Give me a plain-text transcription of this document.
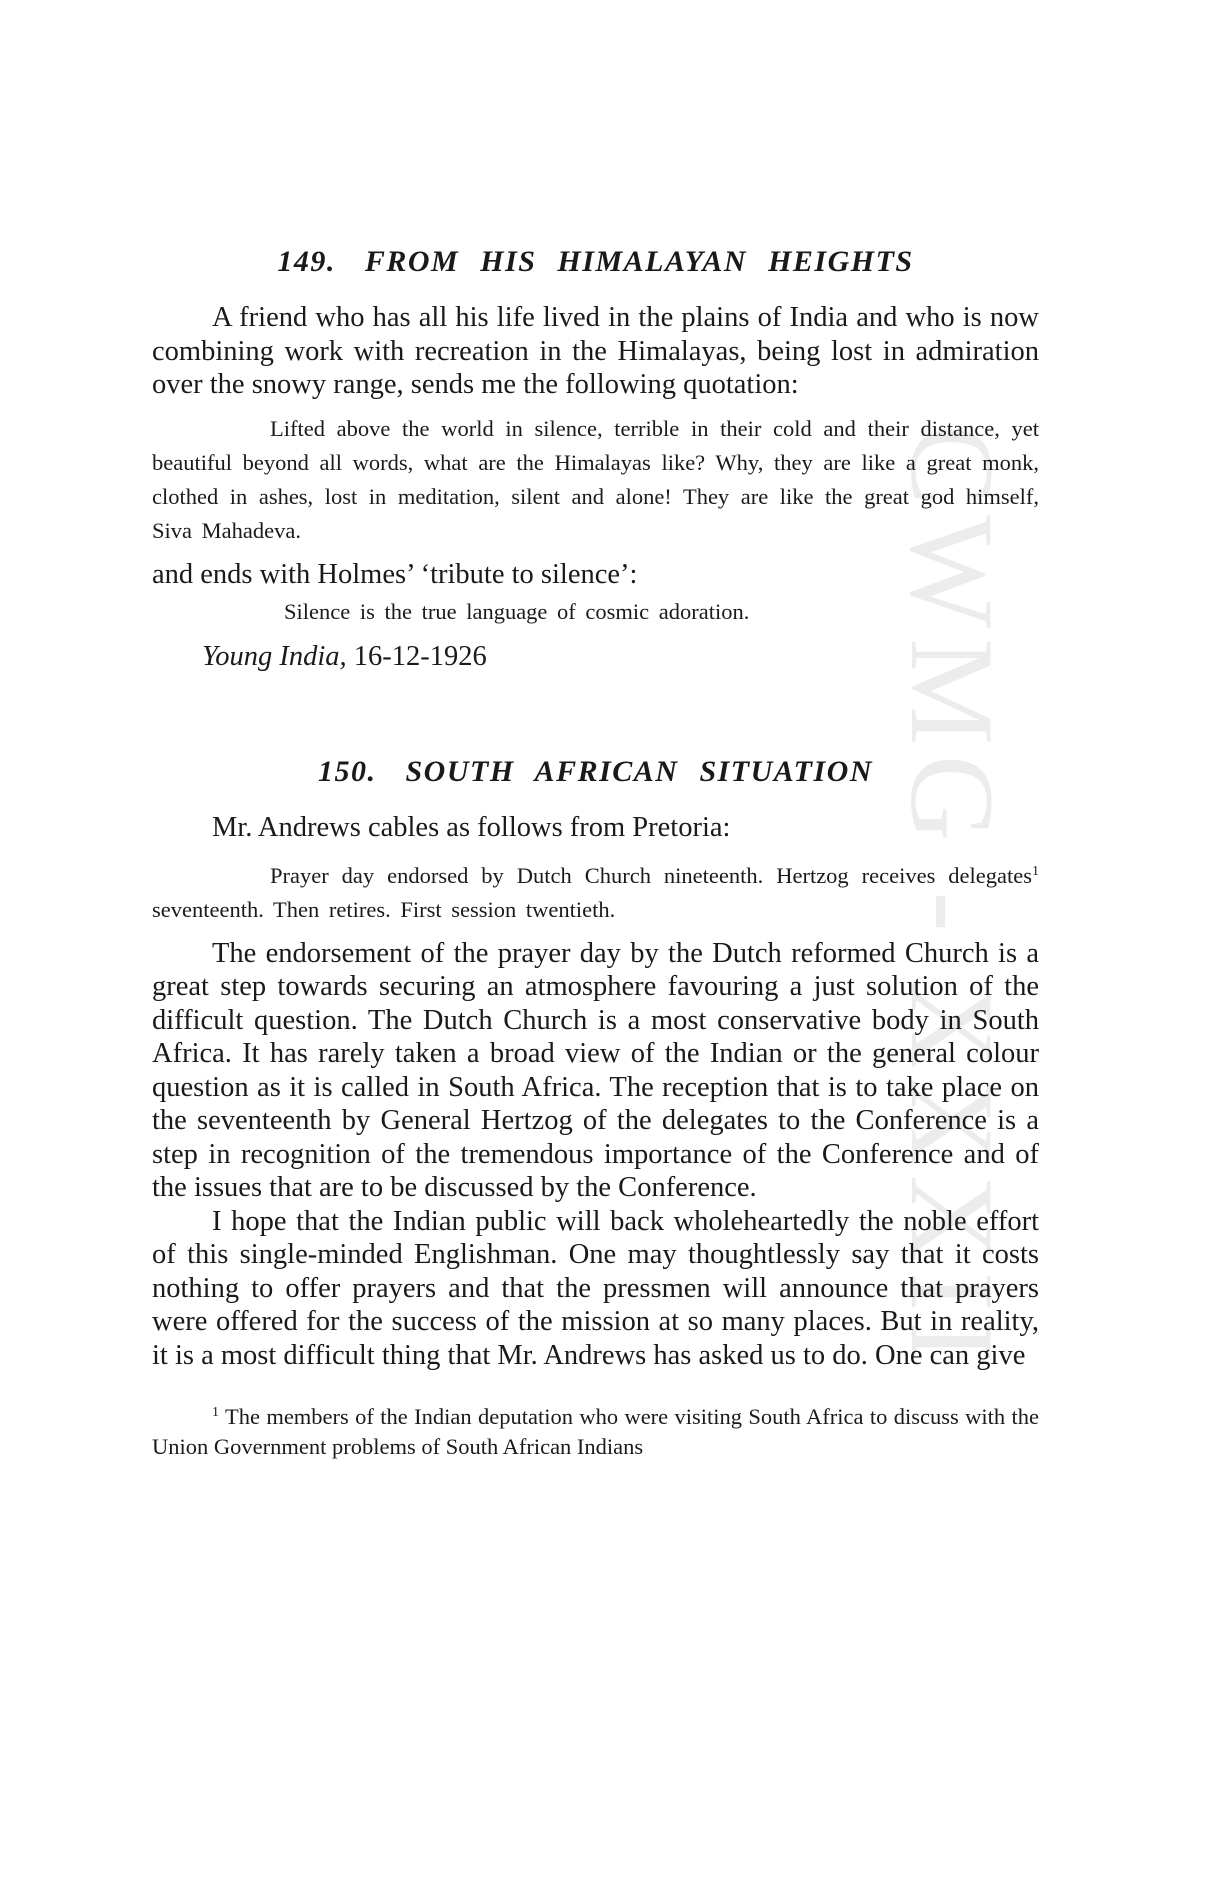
CWMG - XXXII
149. FROM HIS HIMALAYAN HEIGHTS

A friend who has all his life lived in the plains of India and who is now combining work with recreation in the Himalayas, being lost in admiration over the snowy range, sends me the following quotation:

Lifted above the world in silence, terrible in their cold and their distance, yet beautiful beyond all words, what are the Himalayas like? Why, they are like a great monk, clothed in ashes, lost in meditation, silent and alone! They are like the great god himself, Siva Mahadeva.

and ends with Holmes’ ‘tribute to silence’:

Silence is the true language of cosmic adoration.

Young India, 16-12-1926

150. SOUTH AFRICAN SITUATION

Mr. Andrews cables as follows from Pretoria:

Prayer day endorsed by Dutch Church nineteenth. Hertzog receives delegates$^1$ seventeenth. Then retires. First session twentieth.

The endorsement of the prayer day by the Dutch reformed Church is a great step towards securing an atmosphere favouring a just solution of the difficult question. The Dutch Church is a most conservative body in South Africa. It has rarely taken a broad view of the Indian or the general colour question as it is called in South Africa. The reception that is to take place on the seventeenth by General Hertzog of the delegates to the Conference is a step in recognition of the tremendous importance of the Conference and of the issues that are to be discussed by the Conference.

I hope that the Indian public will back wholeheartedly the noble effort of this single-minded Englishman. One may thoughtlessly say that it costs nothing to offer prayers and that the pressmen will announce that prayers were offered for the success of the mission at so many places. But in reality, it is a most difficult thing that Mr. Andrews has asked us to do. One can give

$^1$ The members of the Indian deputation who were visiting South Africa to discuss with the Union Government problems of South African Indians
